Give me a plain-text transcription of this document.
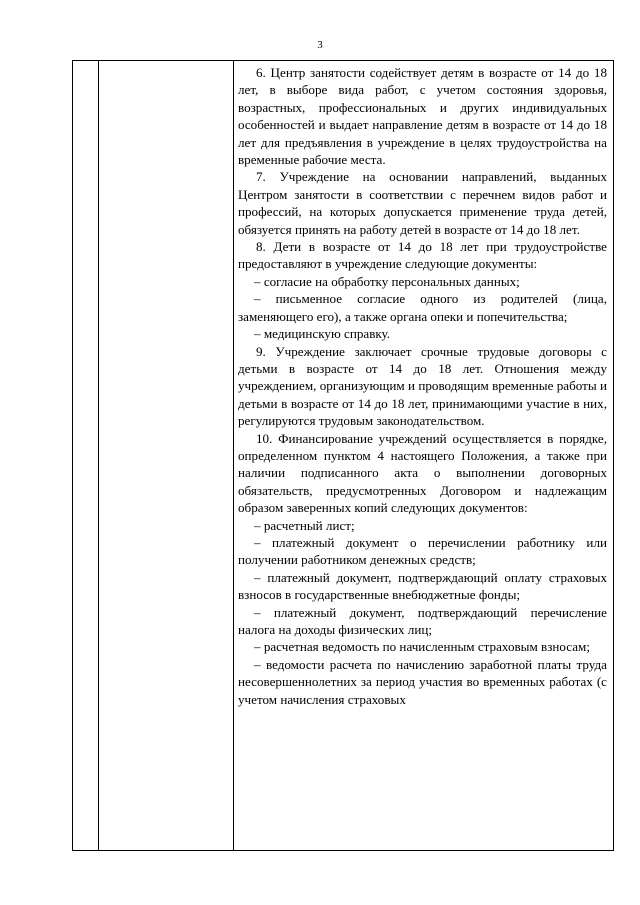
3

6. Центр занятости содействует детям в возрасте от 14 до 18 лет, в выборе вида работ, с учетом состояния здоровья, возрастных, профессиональных и других индивидуальных особенностей и выдает направление детям в возрасте от 14 до 18 лет для предъявления в учреждение в целях трудоустройства на временные рабочие места.

7. Учреждение на основании направлений, выданных Центром занятости в соответствии с перечнем видов работ и профессий, на которых допускается применение труда детей, обязуется принять на работу детей в возрасте от 14 до 18 лет.

8. Дети в возрасте от 14 до 18 лет при трудоустройстве предоставляют в учреждение следующие документы:

– согласие на обработку персональных данных;

– письменное согласие одного из родителей (лица, заменяющего его), а также органа опеки и попечительства;

– медицинскую справку.

9. Учреждение заключает срочные трудовые договоры с детьми в возрасте от 14 до 18 лет. Отношения между учреждением, организующим и проводящим временные работы и детьми в возрасте от 14 до 18 лет, принимающими участие в них, регулируются трудовым законодательством.

10. Финансирование учреждений осуществляется в порядке, определенном пунктом 4 настоящего Положения, а также при наличии подписанного акта о выполнении договорных обязательств, предусмотренных Договором и надлежащим образом заверенных копий следующих документов:

– расчетный лист;

– платежный документ о перечислении работнику или получении работником денежных средств;

– платежный документ, подтверждающий оплату страховых взносов в государственные внебюджетные фонды;

– платежный документ, подтверждающий перечисление налога на доходы физических лиц;

– расчетная ведомость по начисленным страховым взносам;

– ведомости расчета по начислению заработной платы труда несовершеннолетних за период участия во временных работах (с учетом начисления страховых
